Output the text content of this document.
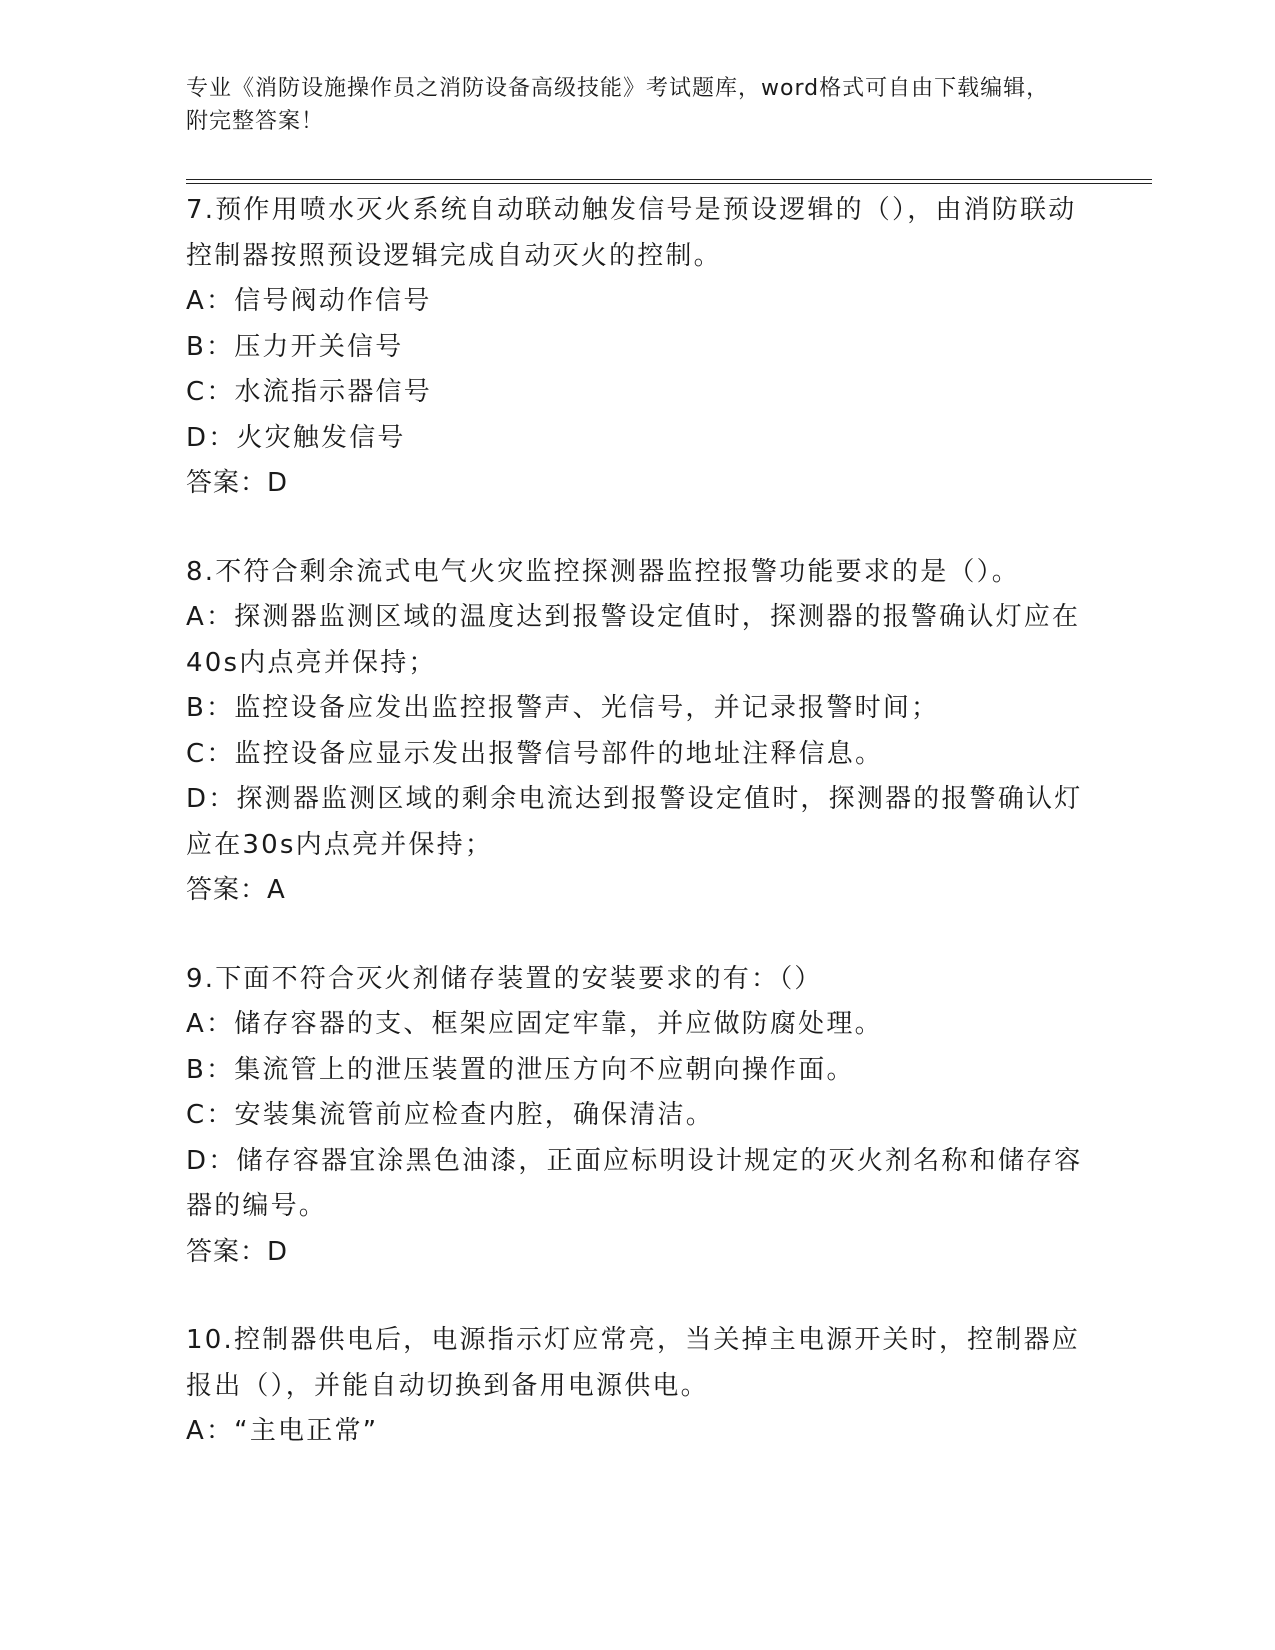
专业《消防设施操作员之消防设备高级技能》考试题库，word格式可自由下载编辑，附完整答案！
7.预作用喷水灭火系统自动联动触发信号是预设逻辑的（），由消防联动控制器按照预设逻辑完成自动灭火的控制。
A：信号阀动作信号
B：压力开关信号
C：水流指示器信号
D：火灾触发信号
答案：D
8.不符合剩余流式电气火灾监控探测器监控报警功能要求的是（）。
A：探测器监测区域的温度达到报警设定值时，探测器的报警确认灯应在40s内点亮并保持；
B：监控设备应发出监控报警声、光信号，并记录报警时间；
C：监控设备应显示发出报警信号部件的地址注释信息。
D：探测器监测区域的剩余电流达到报警设定值时，探测器的报警确认灯应在30s内点亮并保持；
答案：A
9.下面不符合灭火剂储存装置的安装要求的有：（）
A：储存容器的支、框架应固定牢靠，并应做防腐处理。
B：集流管上的泄压装置的泄压方向不应朝向操作面。
C：安装集流管前应检查内腔，确保清洁。
D：储存容器宜涂黑色油漆，正面应标明设计规定的灭火剂名称和储存容器的编号。
答案：D
10.控制器供电后，电源指示灯应常亮，当关掉主电源开关时，控制器应报出（），并能自动切换到备用电源供电。
A：“主电正常”
